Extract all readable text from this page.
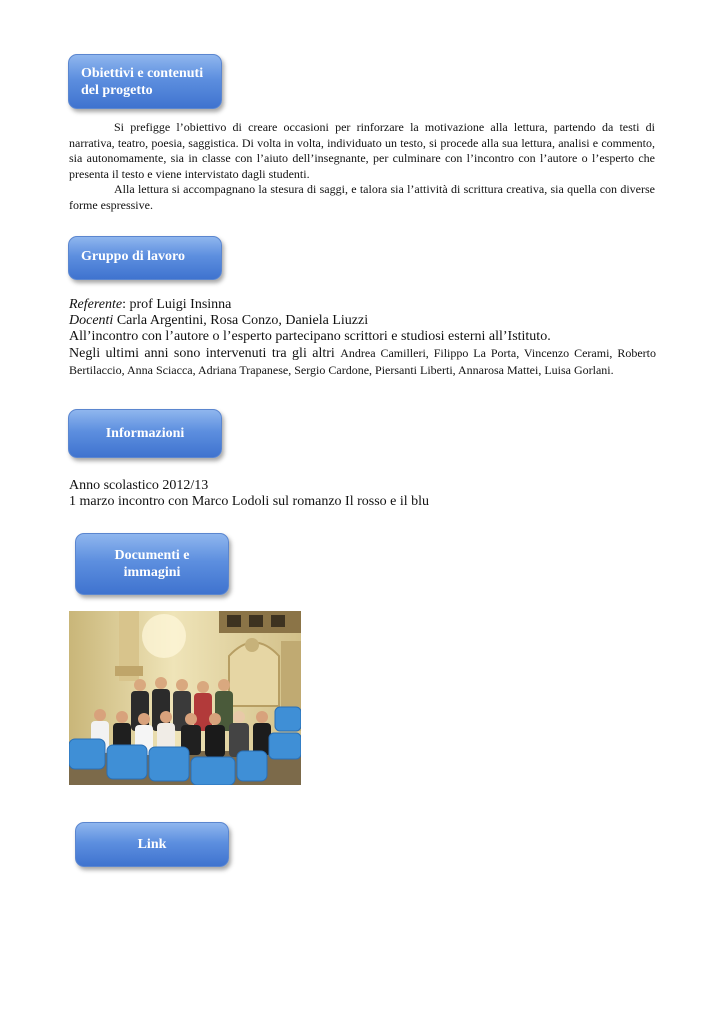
Obiettivi e contenuti
del progetto

Si prefigge l’obiettivo di creare occasioni per rinforzare la motivazione alla lettura, partendo da testi di narrativa, teatro, poesia, saggistica. Di volta in volta, individuato un testo, si procede alla sua lettura, analisi e commento, sia autonomamente, sia in classe con l’aiuto dell’insegnante, per culminare con l’incontro con l’autore o l’esperto che presenta il testo e viene intervistato dagli studenti.

Alla lettura si accompagnano la stesura di saggi, e talora sia l’attività di scrittura creativa, sia quella con diverse forme espressive.

Gruppo di lavoro
Referente: prof Luigi Insinna
Docenti Carla Argentini, Rosa Conzo, Daniela Liuzzi
All’incontro con l’autore o l’esperto partecipano scrittori e studiosi esterni all’Istituto.
Negli ultimi anni sono intervenuti tra gli altri Andrea Camilleri, Filippo La Porta, Vincenzo Cerami, Roberto Bertilaccio, Anna Sciacca, Adriana Trapanese, Sergio Cardone, Piersanti Liberti, Annarosa Mattei, Luisa Gorlani.
Informazioni
Anno scolastico 2012/13
1 marzo incontro con Marco Lodoli sul romanzo Il rosso e il blu
Documenti e
immagini
Link
